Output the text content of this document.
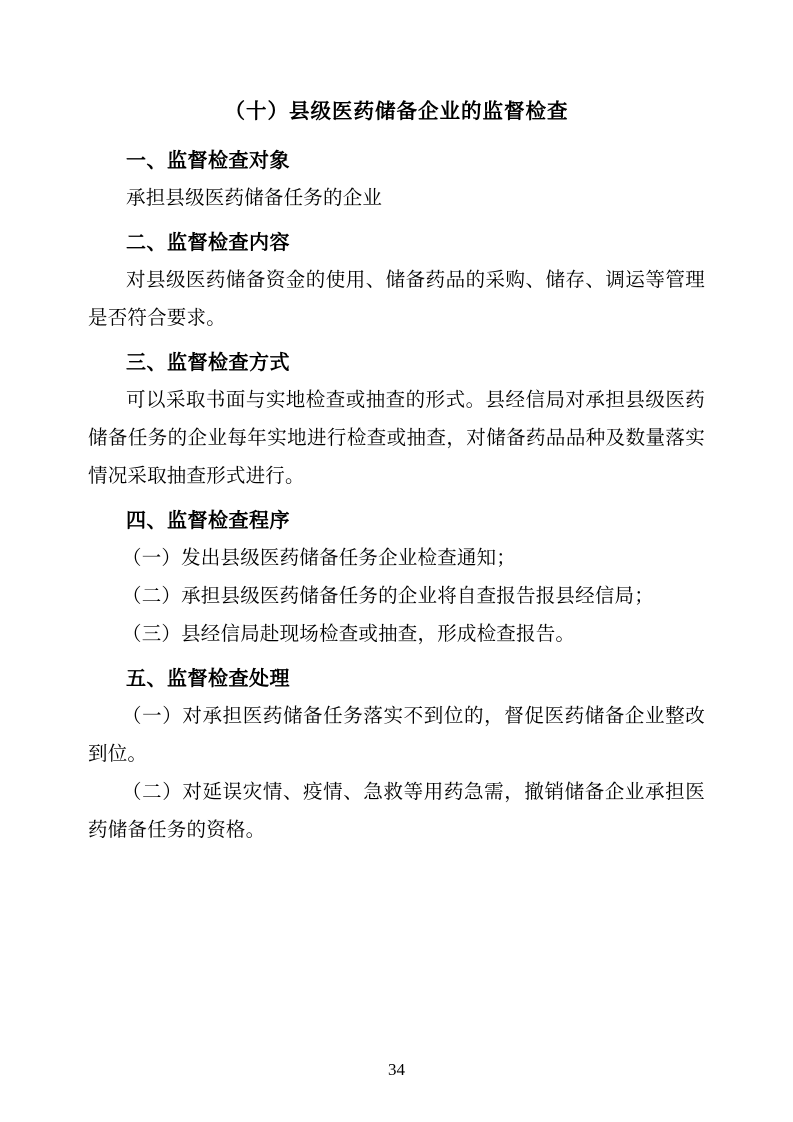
（十）县级医药储备企业的监督检查
一、监督检查对象

承担县级医药储备任务的企业

二、监督检查内容

对县级医药储备资金的使用、储备药品的采购、储存、调运等管理是否符合要求。

三、监督检查方式

可以采取书面与实地检查或抽查的形式。县经信局对承担县级医药储备任务的企业每年实地进行检查或抽查，对储备药品品种及数量落实情况采取抽查形式进行。

四、监督检查程序

（一）发出县级医药储备任务企业检查通知；

（二）承担县级医药储备任务的企业将自查报告报县经信局；

（三）县经信局赴现场检查或抽查，形成检查报告。

五、监督检查处理

（一）对承担医药储备任务落实不到位的，督促医药储备企业整改到位。

（二）对延误灾情、疫情、急救等用药急需，撤销储备企业承担医药储备任务的资格。

34
